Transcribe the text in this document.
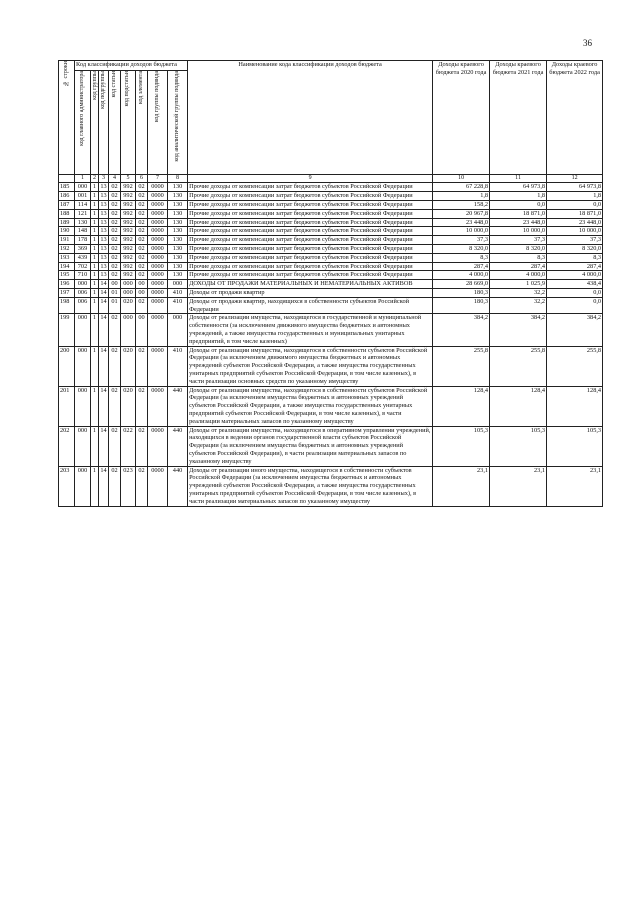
36
№ строки	Код классификации доходов бюджета								Наименование кода классификации доходов бюджета	Доходы краевого бюджета 2020 года	Доходы краевого бюджета 2021 года	Доходы краевого бюджета 2022 года
	код главного администратора	код группы	код подгруппы	код статьи	код подстатьи	код элемента	код группы подвида	код аналитической группы подвида				
	1	2	3	4	5	6	7	8	9	10	11	12
185	000	1	13	02	992	02	0000	130	Прочие доходы от компенсации затрат бюджетов субъектов Российской Федерации	67 228,8	64 973,8	64 973,8
186	001	1	13	02	992	02	0000	130	Прочие доходы от компенсации затрат бюджетов субъектов Российской Федерации	1,8	1,8	1,8
187	114	1	13	02	992	02	0000	130	Прочие доходы от компенсации затрат бюджетов субъектов Российской Федерации	158,2	0,0	0,0
188	121	1	13	02	992	02	0000	130	Прочие доходы от компенсации затрат бюджетов субъектов Российской Федерации	20 967,8	18 871,0	18 871,0
189	130	1	13	02	992	02	0000	130	Прочие доходы от компенсации затрат бюджетов субъектов Российской Федерации	23 448,0	23 448,0	23 448,0
190	148	1	13	02	992	02	0000	130	Прочие доходы от компенсации затрат бюджетов субъектов Российской Федерации	10 000,0	10 000,0	10 000,0
191	178	1	13	02	992	02	0000	130	Прочие доходы от компенсации затрат бюджетов субъектов Российской Федерации	37,3	37,3	37,3
192	369	1	13	02	992	02	0000	130	Прочие доходы от компенсации затрат бюджетов субъектов Российской Федерации	8 320,0	8 320,0	8 320,0
193	439	1	13	02	992	02	0000	130	Прочие доходы от компенсации затрат бюджетов субъектов Российской Федерации	8,3	8,3	8,3
194	702	1	13	02	992	02	0000	130	Прочие доходы от компенсации затрат бюджетов субъектов Российской Федерации	287,4	287,4	287,4
195	710	1	13	02	992	02	0000	130	Прочие доходы от компенсации затрат бюджетов субъектов Российской Федерации	4 000,0	4 000,0	4 000,0
196	000	1	14	00	000	00	0000	000	ДОХОДЫ ОТ ПРОДАЖИ МАТЕРИАЛЬНЫХ И НЕМАТЕРИАЛЬНЫХ АКТИВОВ	28 669,0	1 025,9	438,4
197	006	1	14	01	000	00	0000	410	Доходы от продажи квартир	180,3	32,2	0,0
198	006	1	14	01	020	02	0000	410	Доходы от продажи квартир, находящихся в собственности субъектов Российской Федерации	180,3	32,2	0,0
199	000	1	14	02	000	00	0000	000	Доходы от реализации имущества, находящегося в государственной и муниципальной собственности (за исключением движимого имущества бюджетных и автономных учреждений, а также имущества государственных и муниципальных унитарных предприятий, в том числе казенных)	384,2	384,2	384,2
200	000	1	14	02	020	02	0000	410	Доходы от реализации имущества, находящегося в собственности субъектов Российской Федерации (за исключением движимого имущества бюджетных и автономных учреждений субъектов Российской Федерации, а также имущества государственных унитарных предприятий субъектов Российской Федерации, в том числе казенных), в части реализации основных средств по указанному имуществу	255,8	255,8	255,8
201	000	1	14	02	020	02	0000	440	Доходы от реализации имущества, находящегося в собственности субъектов Российской Федерации (за исключением имущества бюджетных и автономных учреждений субъектов Российской Федерации, а также имущества государственных унитарных предприятий субъектов Российской Федерации, в том числе казенных), в части реализации материальных запасов по указанному имуществу	128,4	128,4	128,4
202	000	1	14	02	022	02	0000	440	Доходы от реализации имущества, находящегося в оперативном управлении учреждений, находящихся в ведении органов государственной власти субъектов Российской Федерации (за исключением имущества бюджетных и автономных учреждений субъектов Российской Федерации), в части реализации материальных запасов по указанному имуществу	105,3	105,3	105,3
203	000	1	14	02	023	02	0000	440	Доходы от реализации иного имущества, находящегося в собственности субъектов Российской Федерации (за исключением имущества бюджетных и автономных учреждений субъектов Российской Федерации, а также имущества государственных унитарных предприятий субъектов Российской Федерации, в том числе казенных), в части реализации материальных запасов по указанному имуществу	23,1	23,1	23,1
